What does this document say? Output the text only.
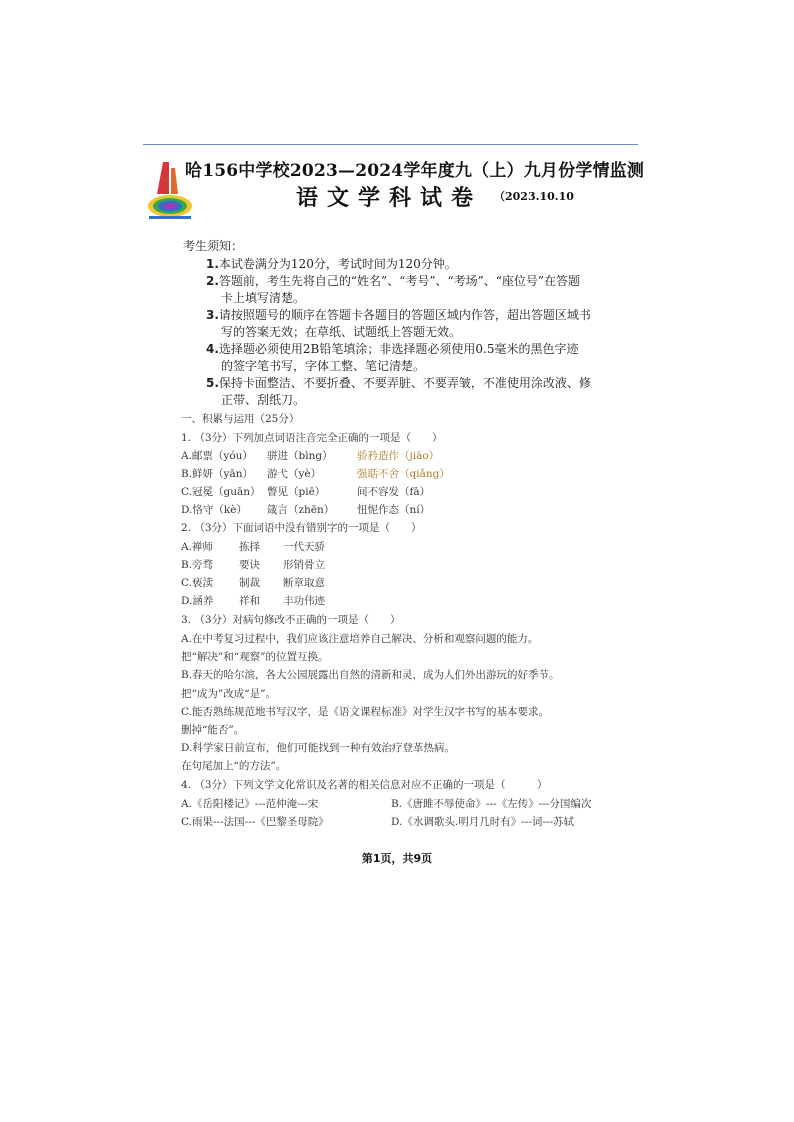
哈156中学校2023—2024学年度九（上）九月份学情监测
语文学科试卷 （2023.10.10
考生须知：
1.本试卷满分为120分，考试时间为120分钟。
2.答题前，考生先将自己的“姓名”、“考号”、“考场”、“座位号”在答题
卡上填写清楚。
3.请按照题号的顺序在答题卡各题目的答题区域内作答，超出答题区域书
写的答案无效；在草纸、试题纸上答题无效。
4.选择题必须使用2B铅笔填涂；非选择题必须使用0.5毫米的黑色字迹
的签字笔书写，字体工整、笔记清楚。
5.保持卡面整洁、不要折叠、不要弄脏、不要弄皱，不准使用涂改液、修
正带、刮纸刀。
一、积累与运用（25分）
1. （3分）下列加点词语注音完全正确的一项是（　　）
A.邮票（yóu） 骈进（bìng） 骄矜造作（jiāo）
B.鲜妍（yān） 游弋（yè）	强聒不舍（qiǎng）
C.冠冕（guān） 瞥见（piē）	间不容发（fā）
D.恪守（kè） 箴言（zhēn） 忸怩作态（ní）
2. （3分）下面词语中没有错别字的一项是（　　）
A.禅师 拣择 一代天骄
B.旁骛 要诀 形销骨立
C.亵渎 制裁 断章取意
D.涵养 祥和 丰功伟迹
3. （3分）对病句修改不正确的一项是（　　）
A.在中考复习过程中，我们应该注意培养自己解决、分析和观察问题的能力。
把“解决”和“观察”的位置互换。
B.春天的哈尔滨，各大公园展露出自然的清新和灵，成为人们外出游玩的好季节。
把“成为”改成“是”。
C.能否熟练规范地书写汉字，是《语文课程标准》对学生汉字书写的基本要求。
删掉“能否”。
D.科学家日前宣布，他们可能找到一种有效治疗登革热病。
在句尾加上“的方法”。
4. （3分）下列文学文化常识及名著的相关信息对应不正确的一项是（　　　）
A.《岳阳楼记》---范仲淹---宋	B.《唐雎不辱使命》---《左传》---分国编次
C.雨果---法国---《巴黎圣母院》	D.《水调歌头.明月几时有》---词---苏轼
第1页，共9页
